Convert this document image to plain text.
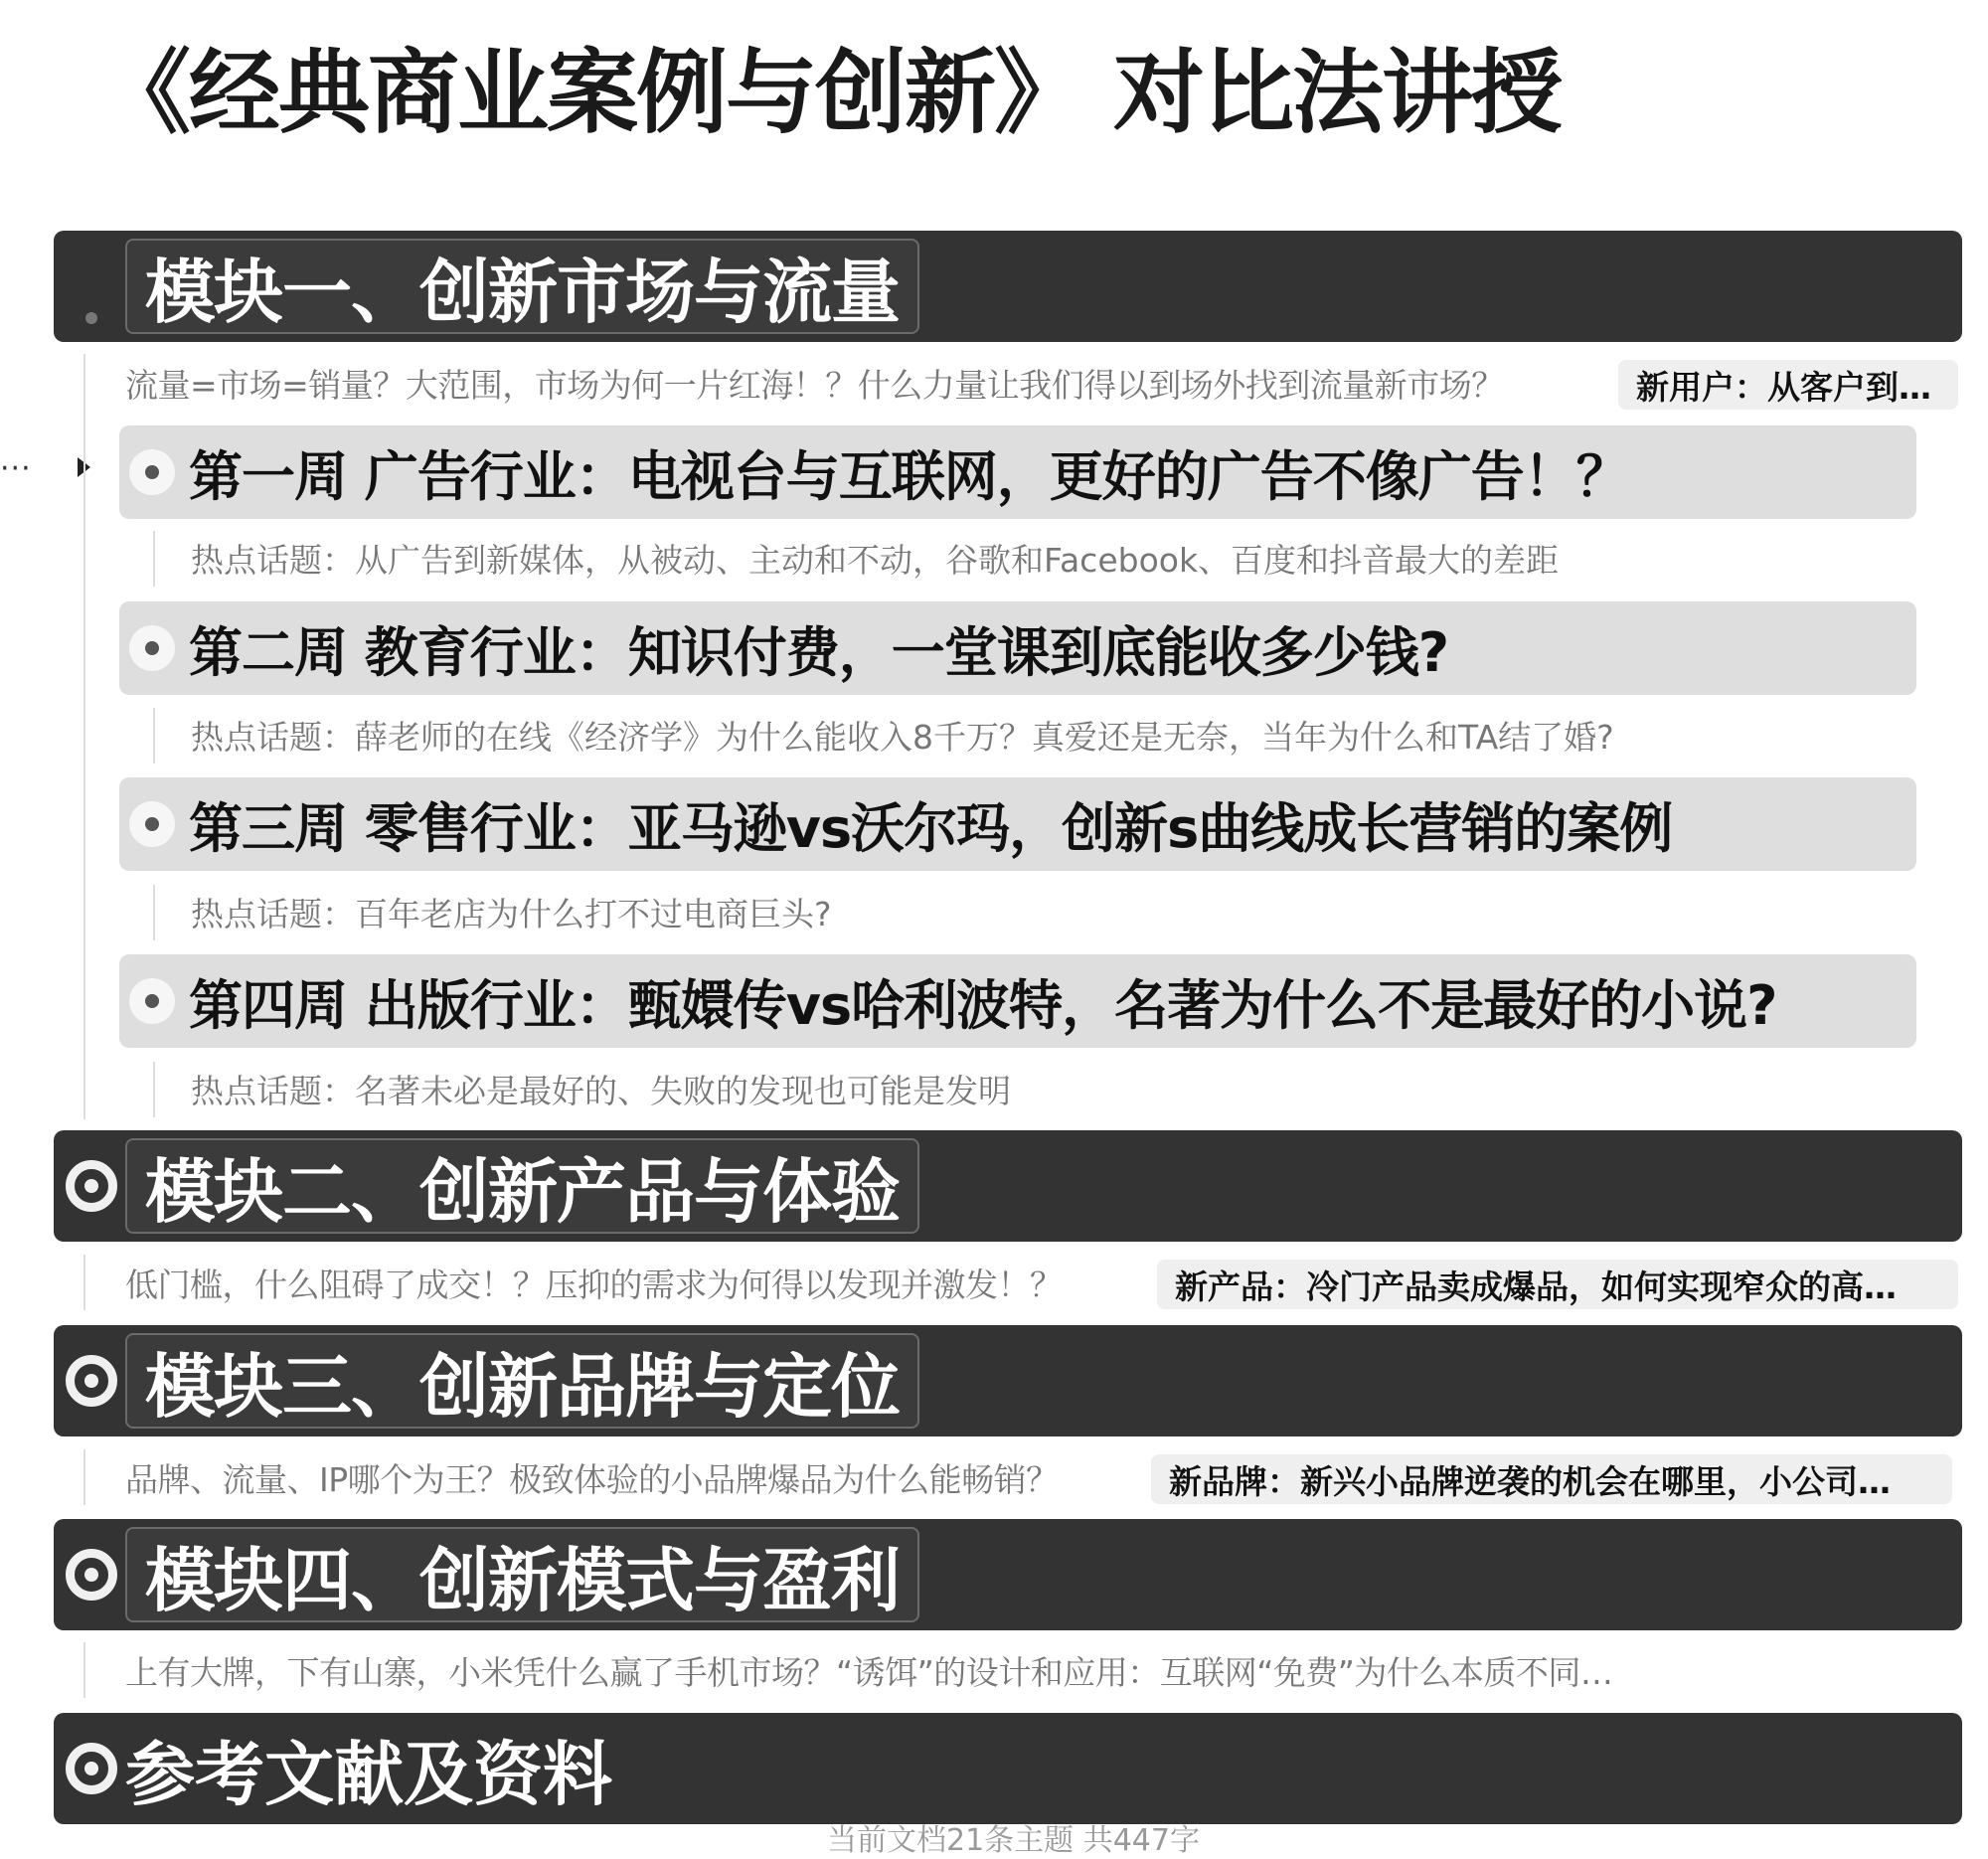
《经典商业案例与创新》 对比法讲授
···
模块一、创新市场与流量
流量=市场=销量？大范围，市场为何一片红海！？什么力量让我们得以到场外找到流量新市场？	新用户：从客户到…
第一周 广告行业：电视台与互联网，更好的广告不像广告！？
热点话题：从广告到新媒体，从被动、主动和不动，谷歌和Facebook、百度和抖音最大的差距
第二周 教育行业：知识付费，一堂课到底能收多少钱?
热点话题：薛老师的在线《经济学》为什么能收入8千万？真爱还是无奈，当年为什么和TA结了婚?
第三周 零售行业：亚马逊vs沃尔玛，创新s曲线成长营销的案例
热点话题：百年老店为什么打不过电商巨头?
第四周 出版行业：甄嬛传vs哈利波特，名著为什么不是最好的小说?
热点话题：名著未必是最好的、失败的发现也可能是发明
模块二、创新产品与体验
低门槛，什么阻碍了成交！？压抑的需求为何得以发现并激发！？	新产品：冷门产品卖成爆品，如何实现窄众的高…
模块三、创新品牌与定位
品牌、流量、IP哪个为王？极致体验的小品牌爆品为什么能畅销？	新品牌：新兴小品牌逆袭的机会在哪里，小公司…
模块四、创新模式与盈利
上有大牌，下有山寨，小米凭什么赢了手机市场？“诱饵”的设计和应用：互联网“免费”为什么本质不同…
参考文献及资料
当前文档21条主题 共447字
